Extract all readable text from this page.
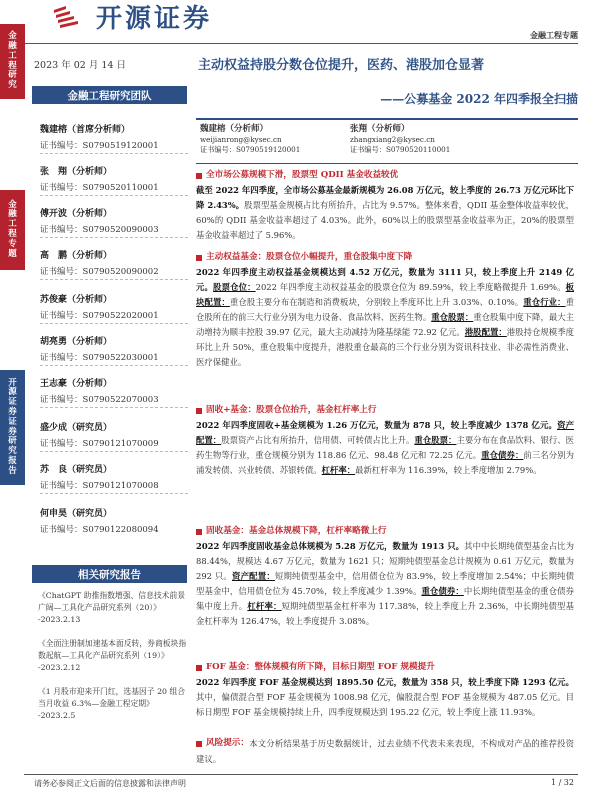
开源证券
金融工程专题
金融工程研究
金融工程专题
开源证券 证券研究报告
2023 年 02 月 14 日
金融工程研究团队
魏建榕（首席分析师）
证书编号：S0790519120001
张　翔（分析师）
证书编号：S0790520110001
傅开波（分析师）
证书编号：S0790520090003
高　鹏（分析师）
证书编号：S0790520090002
苏俊豪（分析师）
证书编号：S0790522020001
胡亮勇（分析师）
证书编号：S0790522030001
王志豪（分析师）
证书编号：S0790522070003
盛少成（研究员）
证书编号：S0790121070009
苏　良（研究员）
证书编号：S0790121070008
何申昊（研究员）
证书编号：S0790122080094
相关研究报告
《ChatGPT 助推指数增强、信息技术前景广阔—工具化产品研究系列（20）》
-2023.2.13
《全面注册制加速基本面反转，券商板块指数起航—工具化产品研究系列（19）》
-2023.2.12
《1 月股市迎来开门红，选基因子 20 组合当月收益 6.3%—金融工程定期》
-2023.2.5
主动权益持股分数仓位提升，医药、港股加仓显著
——公募基金 2022 年四季报全扫描
魏建榕（分析师）
weijianrong@kysec.cn
证书编号：S0790519120001
张翔（分析师）
zhangxiang2@kysec.cn
证书编号：S0790520110001
全市场公募规模下滑，股票型 QDII 基金收益较优
截至 2022 年四季度，全市场公募基金最新规模为 26.08 万亿元，较上季度的 26.73 万亿元环比下降 2.43%。股票型基金规模占比有所抬升，占比为 9.57%。整体来看，QDII 基金整体收益率较优，60%的 QDII 基金收益率超过了 4.03%。此外，60%以上的股票型基金收益率为正，20%的股票型基金收益率超过了 5.96%。
主动权益基金：股票仓位小幅提升，重仓股集中度下降
2022 年四季度主动权益基金规模达到 4.52 万亿元，数量为 3111 只，较上季度上升 2149 亿元。股票仓位：2022 年四季度主动权益基金的股票仓位为 89.59%，较上季度略微提升 1.69%。板块配置：重仓股主要分布在制造和消费板块，分别较上季度环比上升 3.03%、0.10%。重仓行业：重仓股所在的前三大行业分别为电力设备、食品饮料、医药生物。重仓股票：重仓股集中度下降，最大主动增持为顺丰控股 39.97 亿元，最大主动减持为隆基绿能 72.92 亿元。港股配置：港股持仓规模季度环比上升 50%，重仓股集中度提升，港股重仓最高的三个行业分别为资讯科技业、非必需性消费业、医疗保健业。
固收+基金：股票仓位抬升，基金杠杆率上行
2022 年四季度固收+基金规模为 1.26 万亿元，数量为 878 只，较上季度减少 1378 亿元。资产配置：股票资产占比有所抬升，信用债、可转债占比上升。重仓股票：主要分布在食品饮料、银行、医药生物等行业，重仓规模分别为 118.86 亿元、98.48 亿元和 72.25 亿元。重仓债券：前三名分别为浦发转债、兴业转债、苏银转债。杠杆率：最新杠杆率为 116.39%，较上季度增加 2.79%。
固收基金：基金总体规模下降，杠杆率略微上行
2022 年四季度固收基金总体规模为 5.28 万亿元，数量为 1913 只。其中中长期纯债型基金占比为 88.44%，规模达 4.67 万亿元，数量为 1621 只；短期纯债型基金总计规模为 0.61 万亿元，数量为 292 只。资产配置：短期纯债型基金中，信用债仓位为 83.9%，较上季度增加 2.54%；中长期纯债型基金中，信用债仓位为 45.70%，较上季度减少 1.39%。重仓债券：中长期纯债型基金的重仓债券集中度上升。杠杆率：短期纯债型基金杠杆率为 117.38%，较上季度上升 2.36%，中长期纯债型基金杠杆率为 126.47%，较上季度提升 3.08%。
FOF 基金：整体规模有所下降，目标日期型 FOF 规模提升
2022 年四季度 FOF 基金规模达到 1895.50 亿元，数量为 358 只，较上季度下降 1293 亿元。其中，偏债混合型 FOF 基金规模为 1008.98 亿元，偏股混合型 FOF 基金规模为 487.05 亿元。目标日期型 FOF 基金规模持续上升，四季度规模达到 195.22 亿元，较上季度上涨 11.93%。
风险提示： 本文分析结果基于历史数据统计，过去业绩不代表未来表现，不构成对产品的推荐投资建议。
请务必参阅正文后面的信息披露和法律声明	1 / 32
